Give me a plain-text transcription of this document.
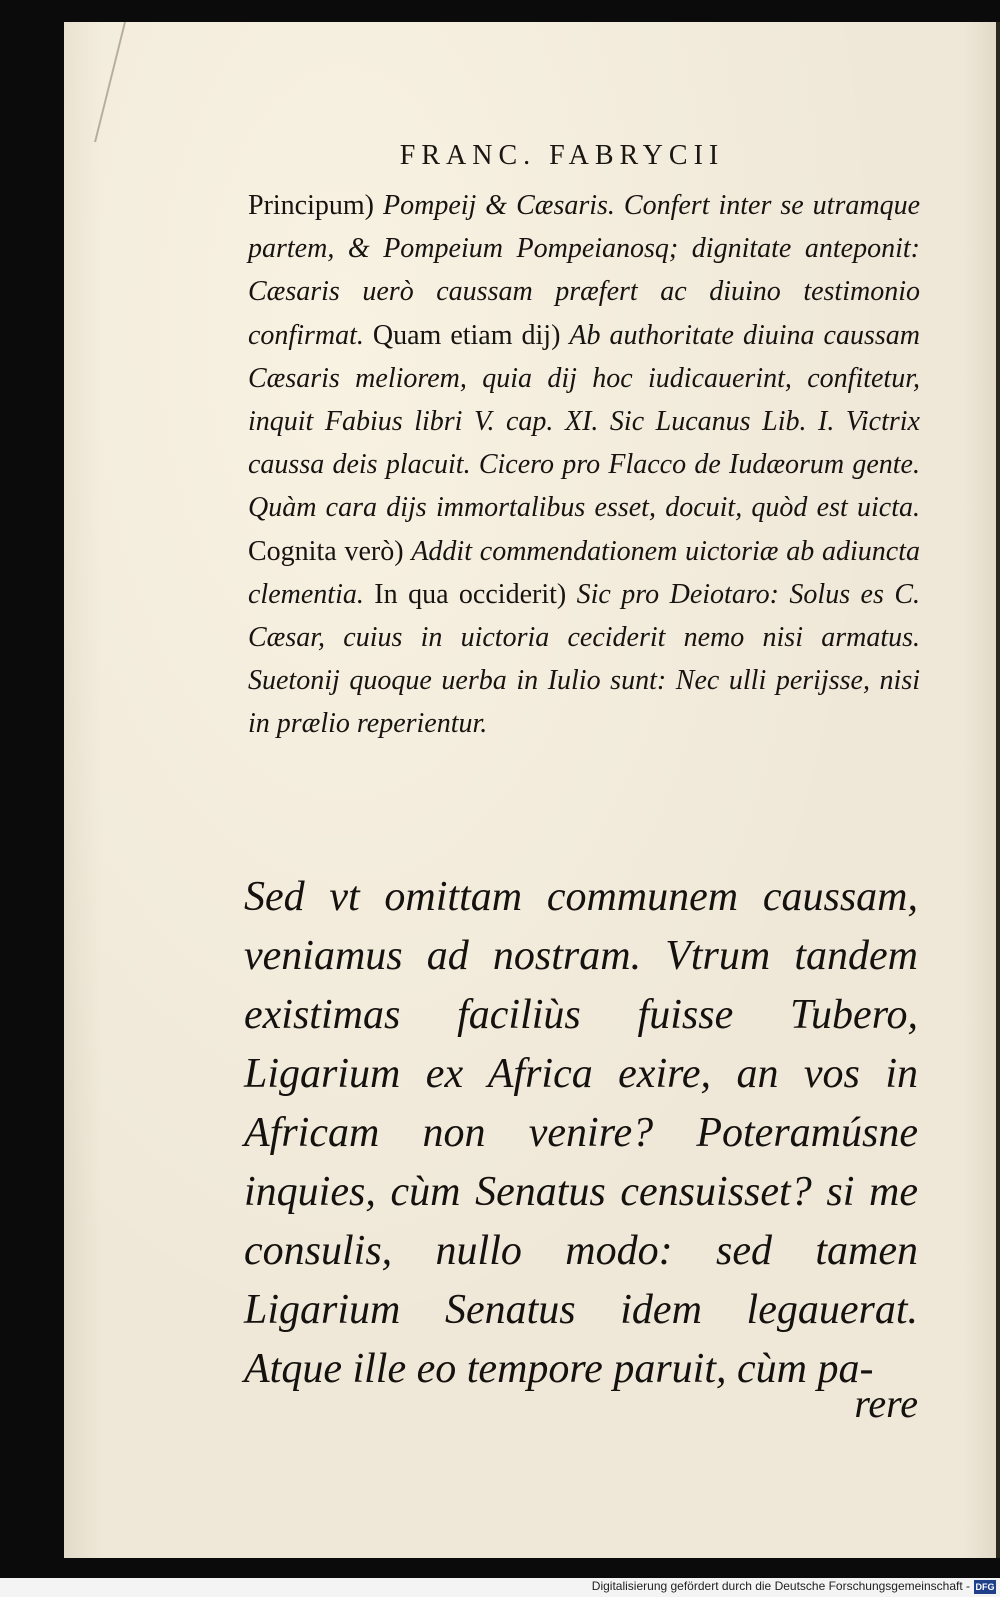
FRANC. FABRYCII
Principum) Pompeij & Cæsaris. Confert inter se utramque partem, & Pompeium Pompeianosq; dignitate anteponit: Cæsaris uerò caussam præfert ac diuino testimonio confirmat. Quam etiam dij) Ab authoritate diuina caussam Cæsaris meliorem, quia dij hoc iudicauerint, confitetur, inquit Fabius libri V. cap. XI. Sic Lucanus Lib. I. Victrix caussa deis placuit. Cicero pro Flacco de Iudæorum gente. Quàm cara dijs immortalibus esset, docuit, quòd est uicta. Cognita verò) Addit commendationem uictoriæ ab adiuncta clementia. In qua occiderit) Sic pro Deiotaro: Solus es C. Cæsar, cuius in uictoria ceciderit nemo nisi armatus. Suetonij quoque uerba in Iulio sunt: Nec ulli perijsse, nisi in prælio reperientur.
Sed vt omittam communem caussam, veniamus ad nostram. Vtrum tandem existimas faciliùs fuisse Tubero, Ligarium ex Africa exire, an vos in Africam non venire? Poteramúsne inquies, cùm Senatus censuisset? si me consulis, nullo modo: sed tamen Ligarium Senatus idem legauerat. Atque ille eo tempore paruit, cùm pa-
rere
Digitalisierung gefördert durch die Deutsche Forschungsgemeinschaft - DFG
